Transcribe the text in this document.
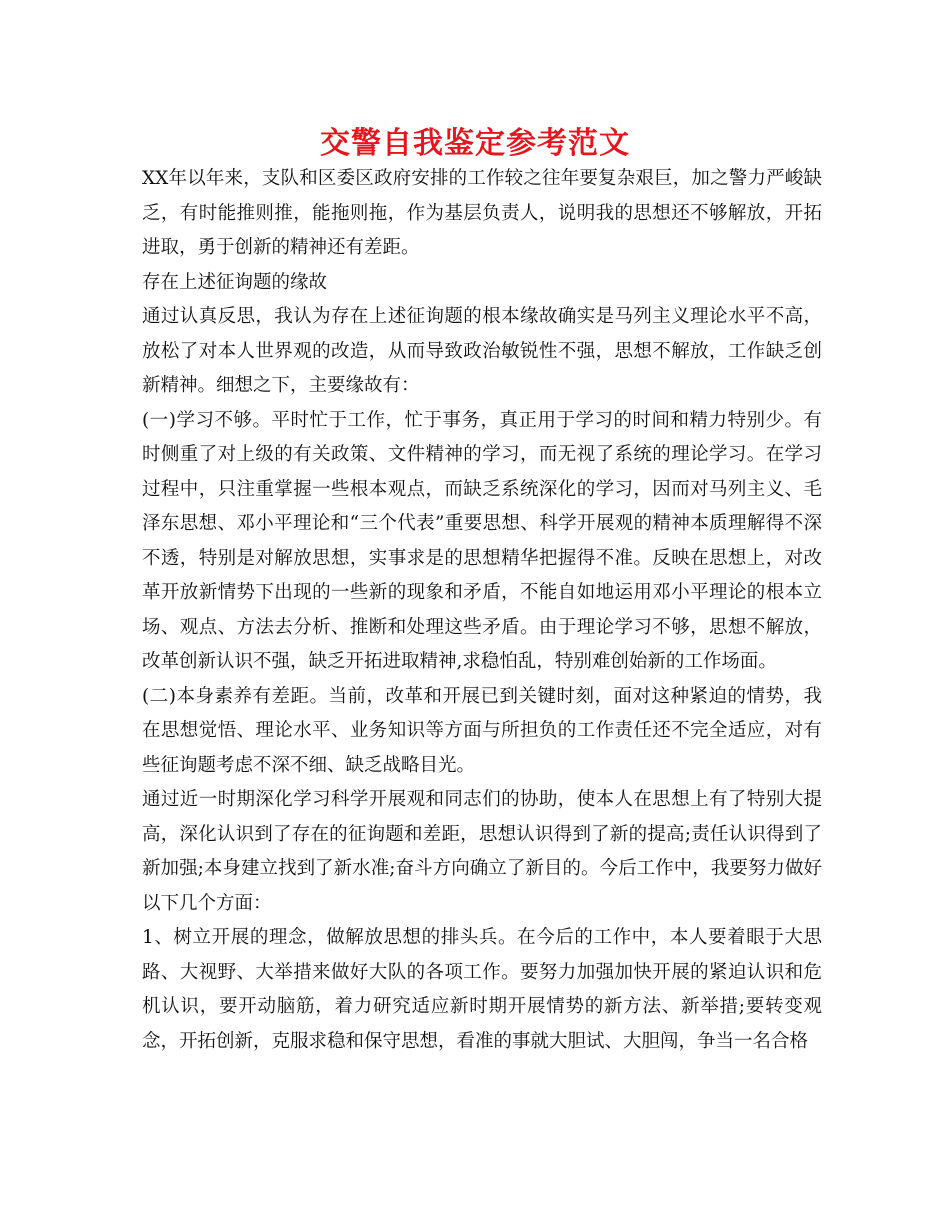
交警自我鉴定参考范文

XX年以年来，支队和区委区政府安排的工作较之往年要复杂艰巨，加之警力严峻缺乏，有时能推则推，能拖则拖，作为基层负责人，说明我的思想还不够解放，开拓进取，勇于创新的精神还有差距。

存在上述征询题的缘故

通过认真反思，我认为存在上述征询题的根本缘故确实是马列主义理论水平不高，放松了对本人世界观的改造，从而导致政治敏锐性不强，思想不解放，工作缺乏创新精神。细想之下，主要缘故有：

(一)学习不够。平时忙于工作，忙于事务，真正用于学习的时间和精力特别少。有时侧重了对上级的有关政策、文件精神的学习，而无视了系统的理论学习。在学习过程中，只注重掌握一些根本观点，而缺乏系统深化的学习，因而对马列主义、毛泽东思想、邓小平理论和“三个代表”重要思想、科学开展观的精神本质理解得不深不透，特别是对解放思想，实事求是的思想精华把握得不准。反映在思想上，对改革开放新情势下出现的一些新的现象和矛盾，不能自如地运用邓小平理论的根本立场、观点、方法去分析、推断和处理这些矛盾。由于理论学习不够，思想不解放，改革创新认识不强，缺乏开拓进取精神,求稳怕乱，特别难创始新的工作场面。

(二)本身素养有差距。当前，改革和开展已到关键时刻，面对这种紧迫的情势，我在思想觉悟、理论水平、业务知识等方面与所担负的工作责任还不完全适应，对有些征询题考虑不深不细、缺乏战略目光。

通过近一时期深化学习科学开展观和同志们的协助，使本人在思想上有了特别大提高，深化认识到了存在的征询题和差距，思想认识得到了新的提高;责任认识得到了新加强;本身建立找到了新水准;奋斗方向确立了新目的。今后工作中，我要努力做好以下几个方面：

1、树立开展的理念，做解放思想的排头兵。在今后的工作中，本人要着眼于大思路、大视野、大举措来做好大队的各项工作。要努力加强加快开展的紧迫认识和危机认识，要开动脑筋，着力研究适应新时期开展情势的新方法、新举措;要转变观念，开拓创新，克服求稳和保守思想，看准的事就大胆试、大胆闯，争当一名合格
